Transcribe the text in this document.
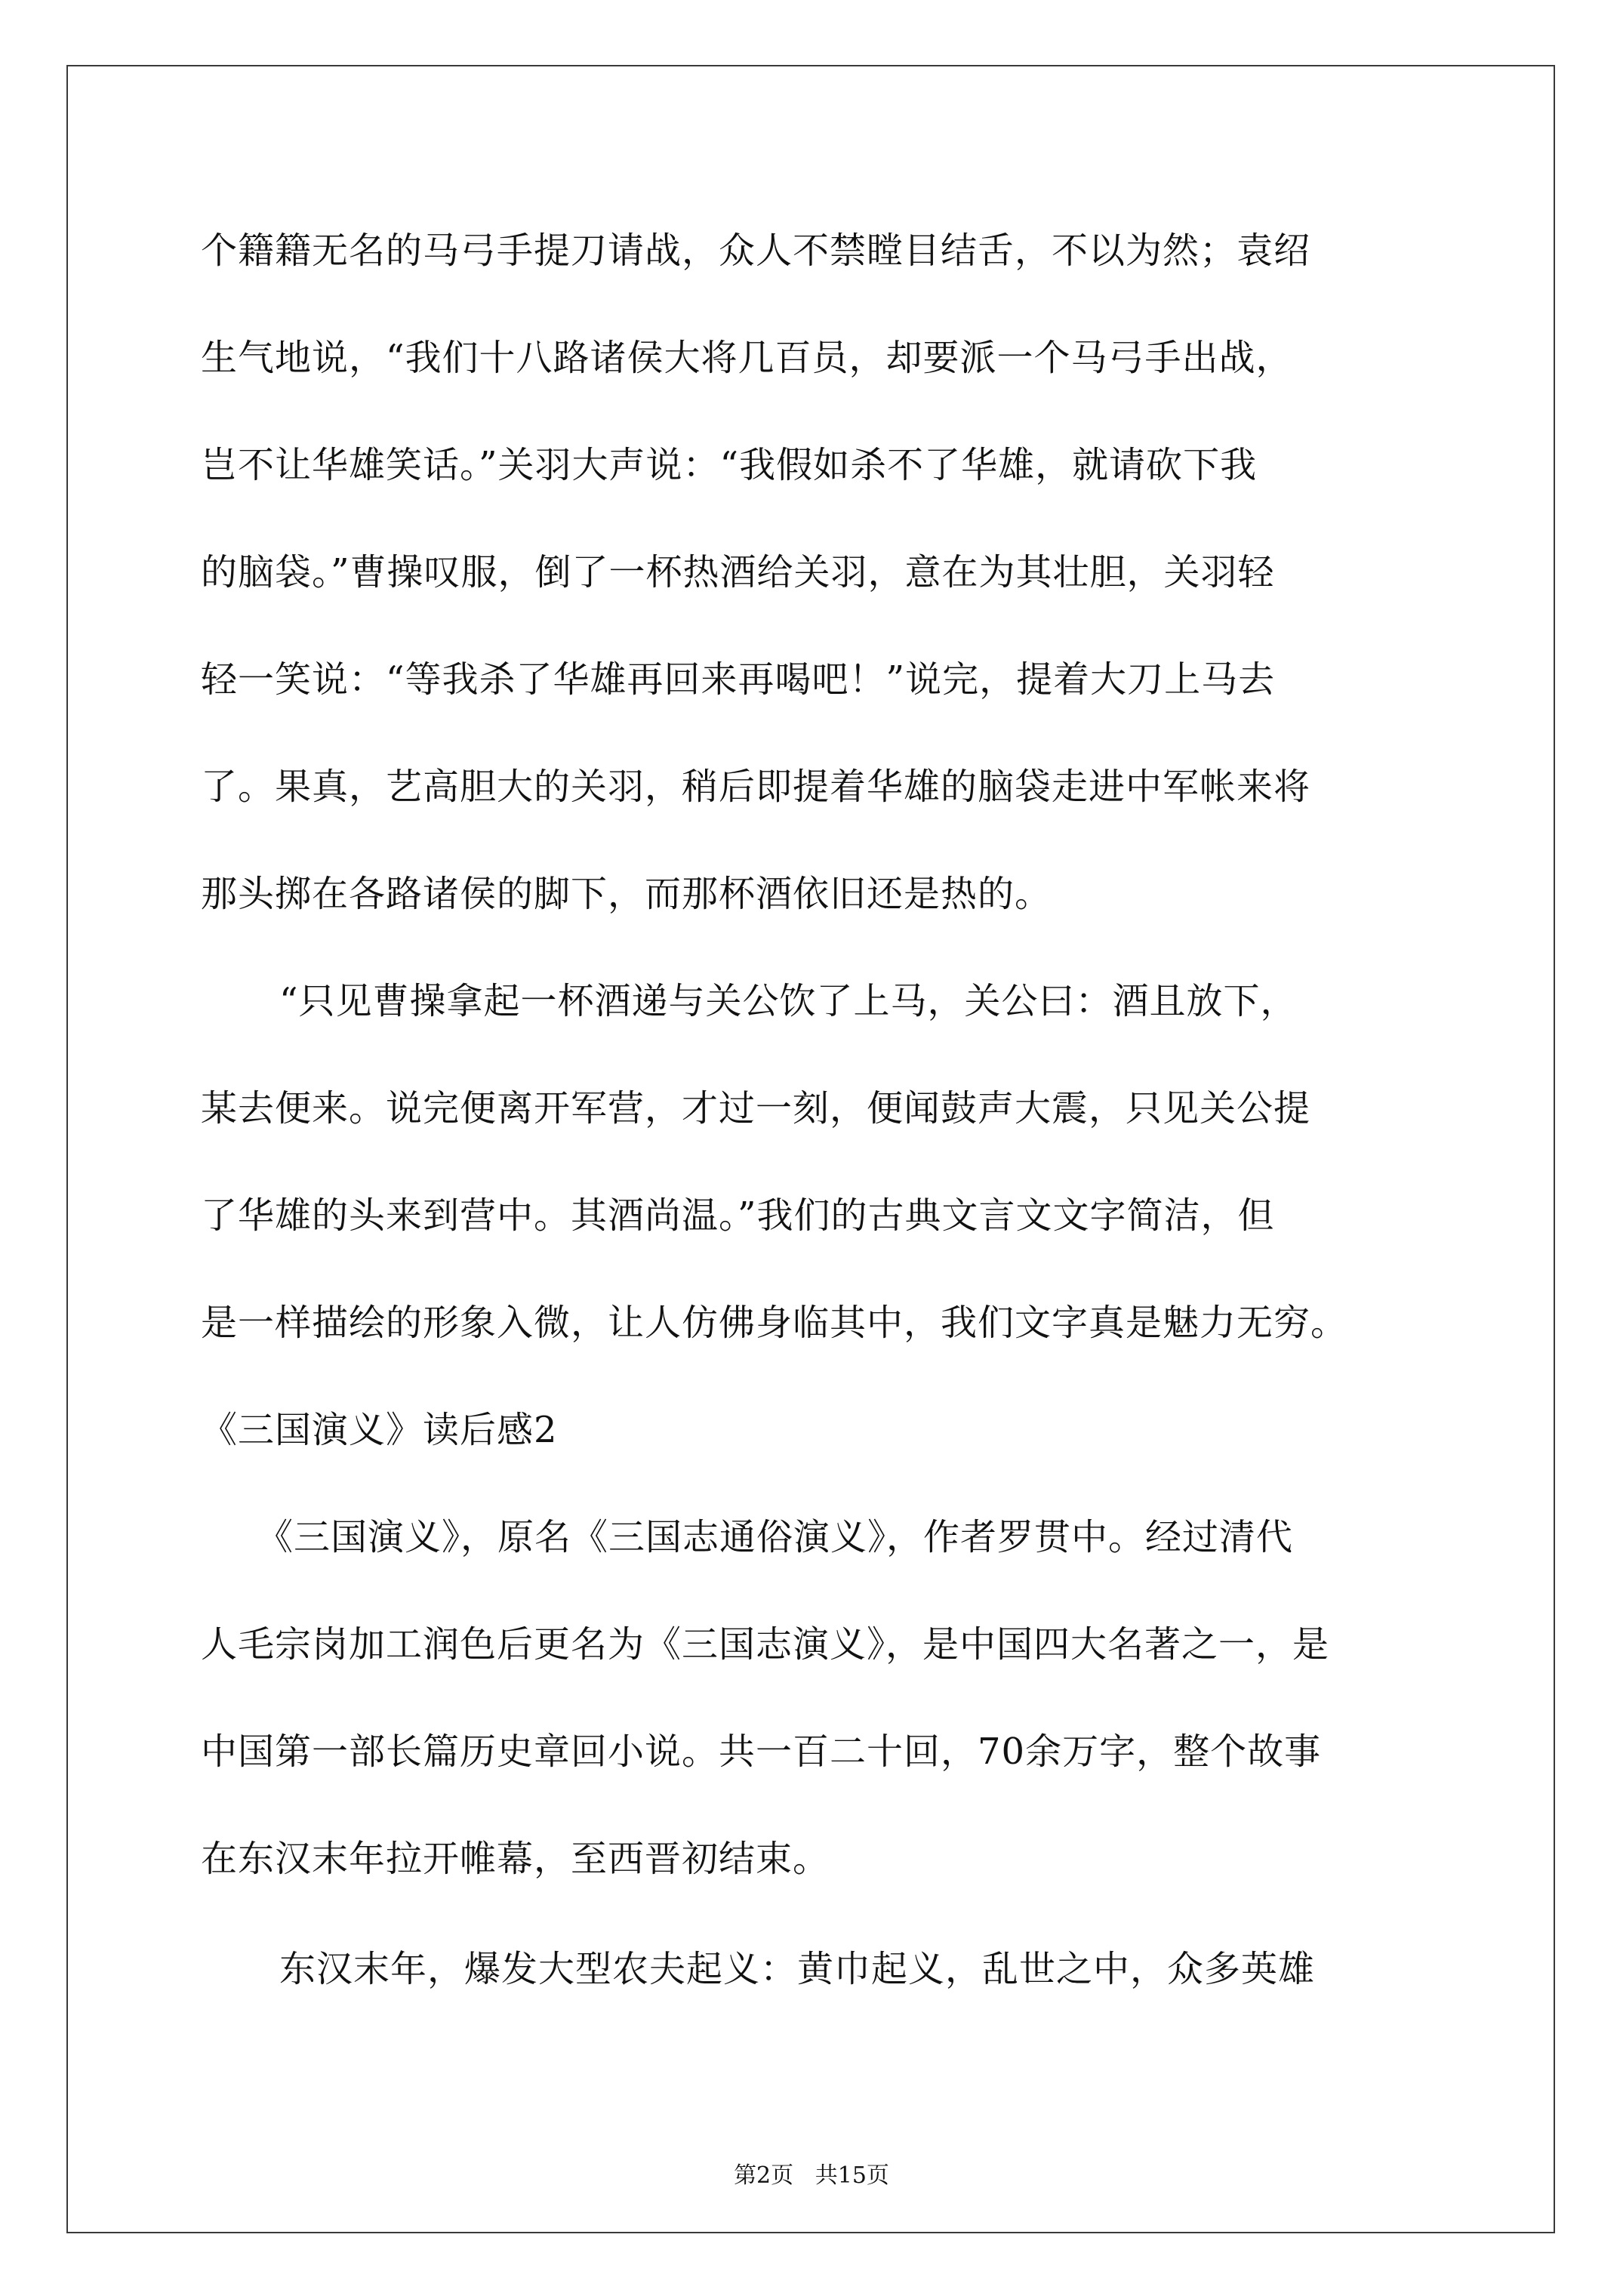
个籍籍无名的马弓手提刀请战，众人不禁瞠目结舌，不以为然；袁绍
生气地说，“我们十八路诸侯大将几百员，却要派一个马弓手出战，
岂不让华雄笑话。”关羽大声说：“我假如杀不了华雄，就请砍下我
的脑袋。”曹操叹服，倒了一杯热酒给关羽，意在为其壮胆，关羽轻
轻一笑说：“等我杀了华雄再回来再喝吧！”说完，提着大刀上马去
了。果真，艺高胆大的关羽，稍后即提着华雄的脑袋走进中军帐来将
那头掷在各路诸侯的脚下，而那杯酒依旧还是热的。
“只见曹操拿起一杯酒递与关公饮了上马，关公曰：酒且放下，
某去便来。说完便离开军营，才过一刻，便闻鼓声大震，只见关公提
了华雄的头来到营中。其酒尚温。”我们的古典文言文文字简洁，但
是一样描绘的形象入微，让人仿佛身临其中，我们文字真是魅力无穷。
《三国演义》读后感2
《三国演义》，原名《三国志通俗演义》，作者罗贯中。经过清代
人毛宗岗加工润色后更名为《三国志演义》，是中国四大名著之一，是
中国第一部长篇历史章回小说。共一百二十回，70余万字，整个故事
在东汉末年拉开帷幕，至西晋初结束。
东汉末年，爆发大型农夫起义：黄巾起义，乱世之中，众多英雄
第2页   共15页
